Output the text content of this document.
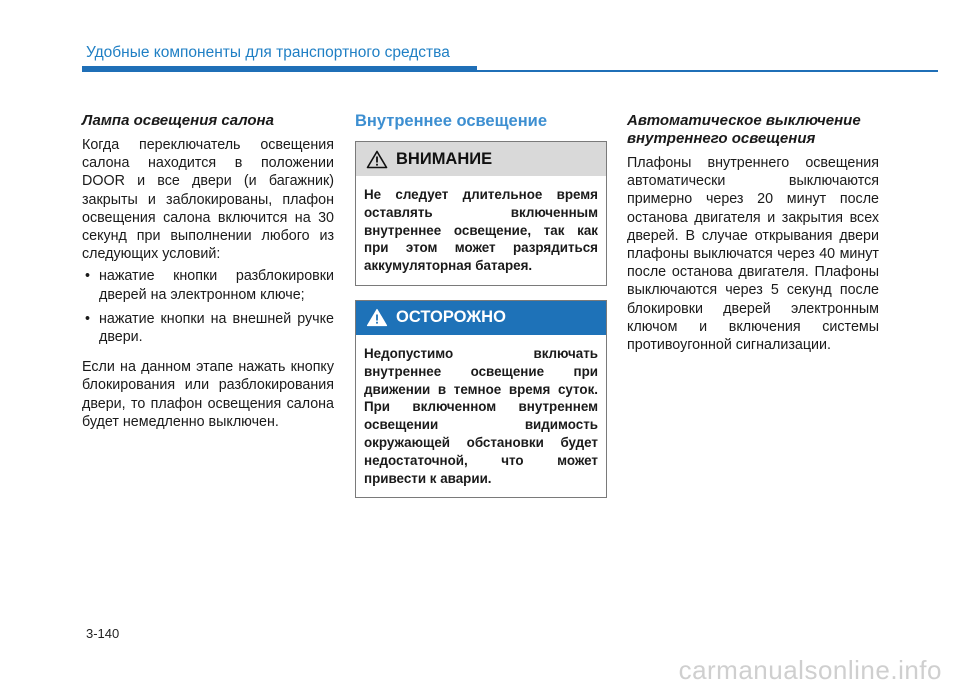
Удобные компоненты для транспортного средства
Лампа освещения салона

Когда переключатель освещения салона находится в положении DOOR и все двери (и багажник) закрыты и заблокированы, плафон освещения салона включится на 30 секунд при выполнении любого из следующих условий:

• нажатие кнопки разблокировки дверей на электронном ключе;
• нажатие кнопки на внешней ручке двери.

Если на данном этапе нажать кнопку блокирования или разблокирования двери, то плафон освещения салона будет немедленно выключен.

Внутреннее освещение
ВНИМАНИЕ
Не следует длительное время оставлять включенным внутреннее освещение, так как при этом может разрядиться аккумуляторная батарея.
ОСТОРОЖНО
Недопустимо включать внутреннее освещение при движении в темное время суток. При включенном внутреннем освещении видимость окружающей обстановки будет недостаточной, что может привести к аварии.
Автоматическое выключение внутреннего освещения

Плафоны внутреннего освещения автоматически выключаются примерно через 20 минут после останова двигателя и закрытия всех дверей. В случае открывания двери плафоны выключатся через 40 минут после останова двигателя. Плафоны выключаются через 5 секунд после блокировки дверей электронным ключом и включения системы противоугонной сигнализации.

3-140
carmanualsonline.info
